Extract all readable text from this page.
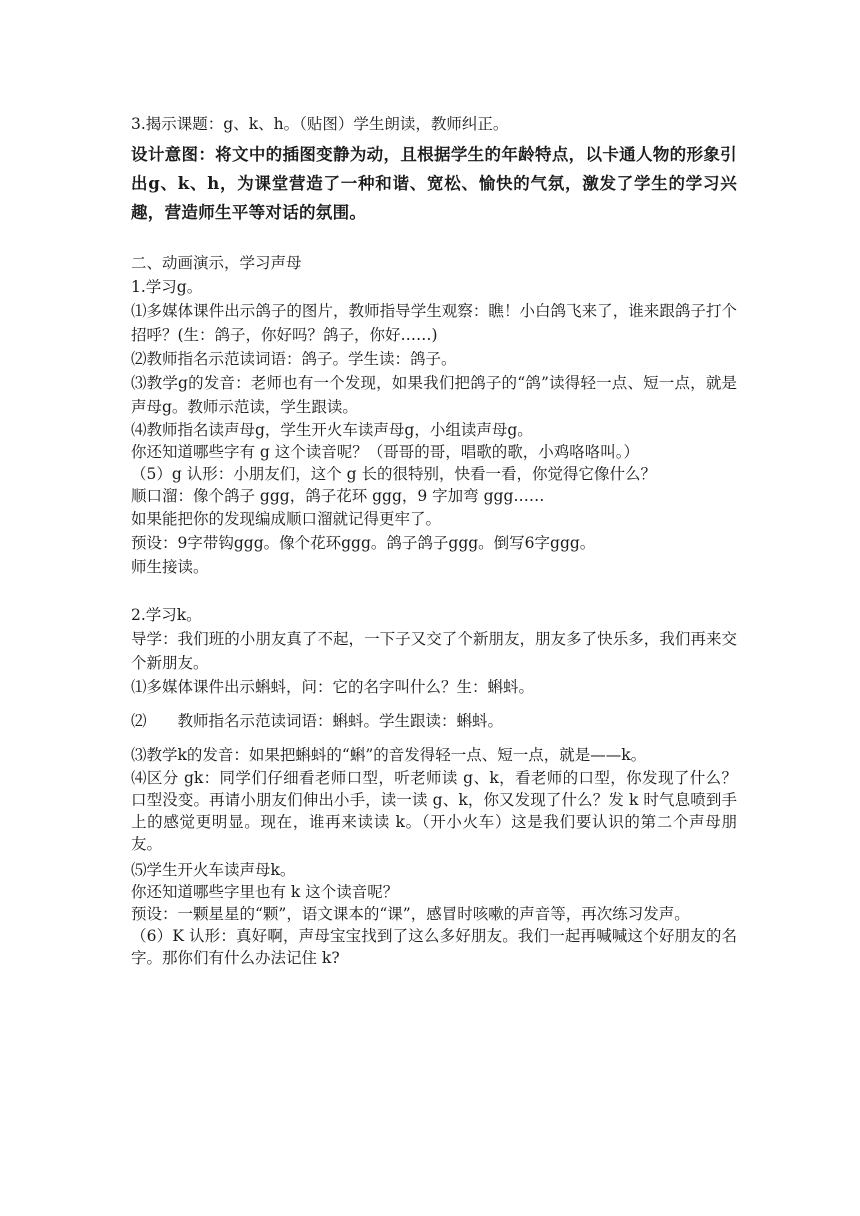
3.揭示课题：g、k、h。（贴图）学生朗读，教师纠正。

设计意图：将文中的插图变静为动，且根据学生的年龄特点，以卡通人物的形象引出g、k、h，为课堂营造了一种和谐、宽松、愉快的气氛，激发了学生的学习兴趣，营造师生平等对话的氛围。

二、动画演示，学习声母

1.学习g。

⑴多媒体课件出示鸽子的图片，教师指导学生观察：瞧！小白鸽飞来了，谁来跟鸽子打个招呼？(生：鸽子，你好吗？鸽子，你好……)

⑵教师指名示范读词语：鸽子。学生读：鸽子。

⑶教学g的发音：老师也有一个发现，如果我们把鸽子的“鸽”读得轻一点、短一点，就是声母g。教师示范读，学生跟读。

⑷教师指名读声母g，学生开火车读声母g，小组读声母g。

你还知道哪些字有 g 这个读音呢？（哥哥的哥，唱歌的歌，小鸡咯咯叫。）

（5）g 认形：小朋友们，这个 g 长的很特别，快看一看，你觉得它像什么？

顺口溜：像个鸽子 ggg，鸽子花环 ggg，9 字加弯 ggg……

如果能把你的发现编成顺口溜就记得更牢了。

预设：9字带钩ggg。像个花环ggg。鸽子鸽子ggg。倒写6字ggg。

师生接读。

2.学习k。

导学：我们班的小朋友真了不起，一下子又交了个新朋友，朋友多了快乐多，我们再来交个新朋友。

⑴多媒体课件出示蝌蚪，问：它的名字叫什么？生：蝌蚪。

⑵　　教师指名示范读词语：蝌蚪。学生跟读：蝌蚪。

⑶教学k的发音：如果把蝌蚪的“蝌”的音发得轻一点、短一点，就是——k。

⑷区分 gk：同学们仔细看老师口型，听老师读 g、k，看老师的口型，你发现了什么？口型没变。再请小朋友们伸出小手，读一读 g、k，你又发现了什么？发 k 时气息喷到手上的感觉更明显。现在，谁再来读读 k。（开小火车）这是我们要认识的第二个声母朋友。

⑸学生开火车读声母k。

你还知道哪些字里也有 k 这个读音呢？

预设：一颗星星的“颗”，语文课本的“课”，感冒时咳嗽的声音等，再次练习发声。

（6）K 认形：真好啊，声母宝宝找到了这么多好朋友。我们一起再喊喊这个好朋友的名字。那你们有什么办法记住 k?
